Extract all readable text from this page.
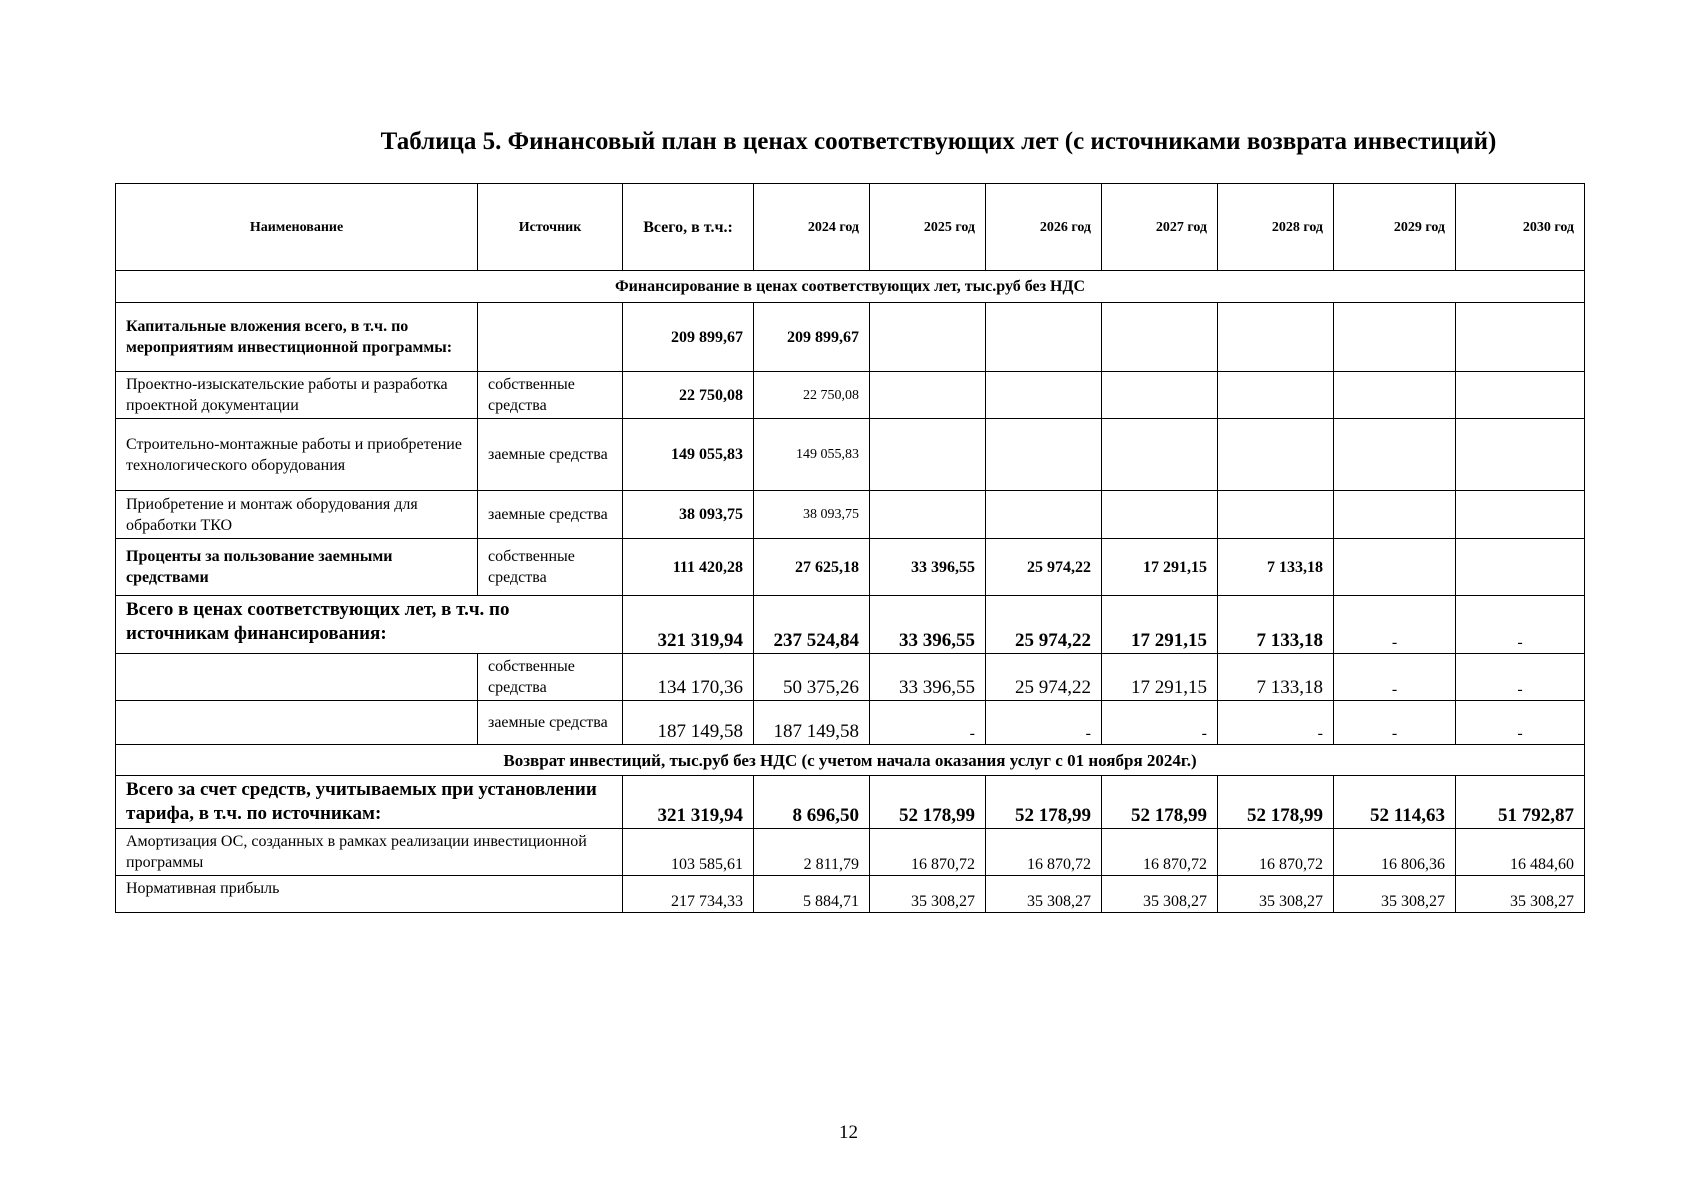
Таблица 5. Финансовый план в ценах соответствующих лет (с источниками возврата инвестиций)
Наименование	Источник	Всего, в т.ч.:	2024 год	2025 год	2026 год	2027 год	2028 год	2029 год	2030 год
Финансирование в ценах соответствующих лет, тыс.руб без НДС									
Капитальные вложения всего, в т.ч. по мероприятиям инвестиционной программы:		209 899,67	209 899,67						
Проектно-изыскательские работы и разработка проектной документации	собственные средства	22 750,08	22 750,08						
Строительно-монтажные работы и приобретение технологического оборудования	заемные средства	149 055,83	149 055,83						
Приобретение и монтаж оборудования для обработки ТКО	заемные средства	38 093,75	38 093,75						
Проценты за пользование заемными средствами	собственные средства	111 420,28	27 625,18	33 396,55	25 974,22	17 291,15	7 133,18		
Всего в ценах соответствующих лет, в т.ч. по источникам финансирования:		321 319,94	237 524,84	33 396,55	25 974,22	17 291,15	7 133,18	-	-
	собственные средства	134 170,36	50 375,26	33 396,55	25 974,22	17 291,15	7 133,18	-	-
	заемные средства	187 149,58	187 149,58	-	-	-	-	-	-
Возврат инвестиций, тыс.руб без НДС (с учетом начала оказания услуг с 01 ноября 2024г.)									
Всего за счет средств, учитываемых при установлении тарифа, в т.ч. по источникам:		321 319,94	8 696,50	52 178,99	52 178,99	52 178,99	52 178,99	52 114,63	51 792,87
Амортизация ОС, созданных в рамках реализации инвестиционной программы		103 585,61	2 811,79	16 870,72	16 870,72	16 870,72	16 870,72	16 806,36	16 484,60
Нормативная прибыль		217 734,33	5 884,71	35 308,27	35 308,27	35 308,27	35 308,27	35 308,27	35 308,27
12
